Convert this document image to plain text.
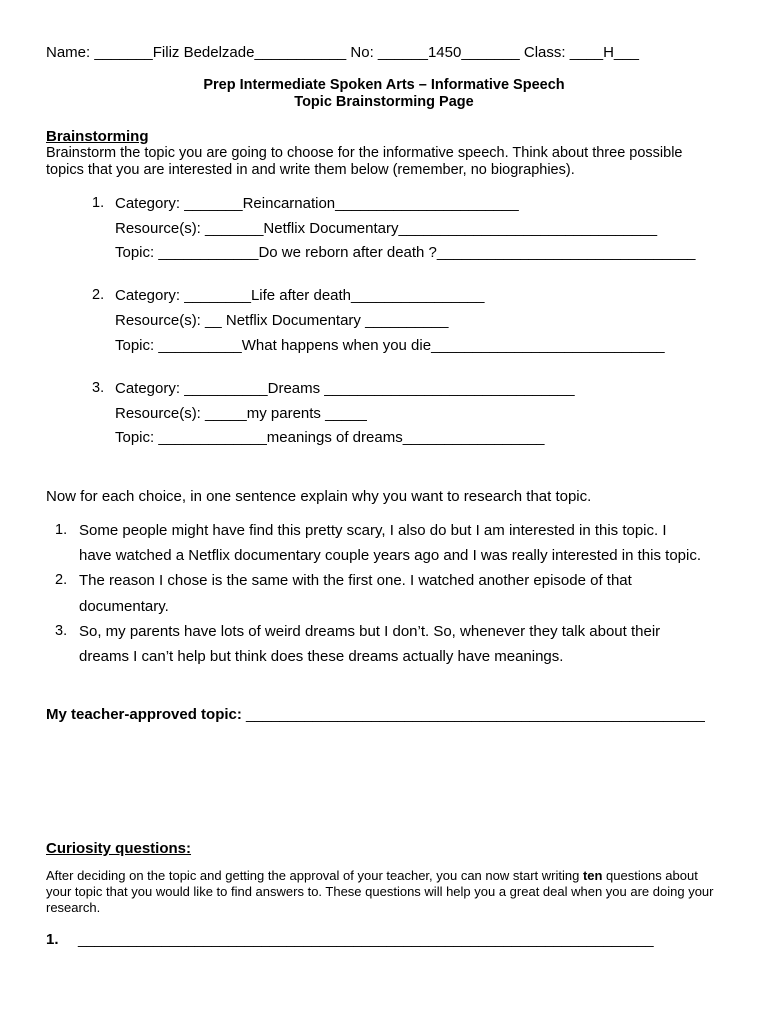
Name: _______Filiz Bedelzade___________ No: ______1450_______ Class: ____H___
Prep Intermediate Spoken Arts – Informative Speech
Topic Brainstorming Page
Brainstorming
Brainstorm the topic you are going to choose for the informative speech. Think about three possible topics that you are interested in and write them below (remember, no biographies).
1. Category: _______Reincarnation______________________
Resource(s): _______Netflix Documentary_______________________________
Topic: ____________Do we reborn after death ?_______________________________
2. Category: ________Life after death________________
Resource(s): __ Netflix Documentary __________
Topic: __________What happens when you die____________________________
3. Category: __________Dreams ______________________________
Resource(s): _____my parents _____
Topic: _____________meanings of dreams_________________
Now for each choice, in one sentence explain why you want to research that topic.
1. Some people might have find this pretty scary, I also do but I am interested in this topic. I
have watched a Netflix documentary couple years ago and I was really interested in this topic.
2. The reason I chose is the same with the first one. I watched another episode of that
documentary.
3. So, my parents have lots of weird dreams but I don’t. So, whenever they talk about their
dreams I can’t help but think does these dreams actually have meanings.
My teacher-approved topic: _______________________________________________________
Curiosity questions:
After deciding on the topic and getting the approval of your teacher, you can now start writing ten questions about your topic that you would like to find answers to. These questions will help you a great deal when you are doing your research.
1. _____________________________________________________________________
